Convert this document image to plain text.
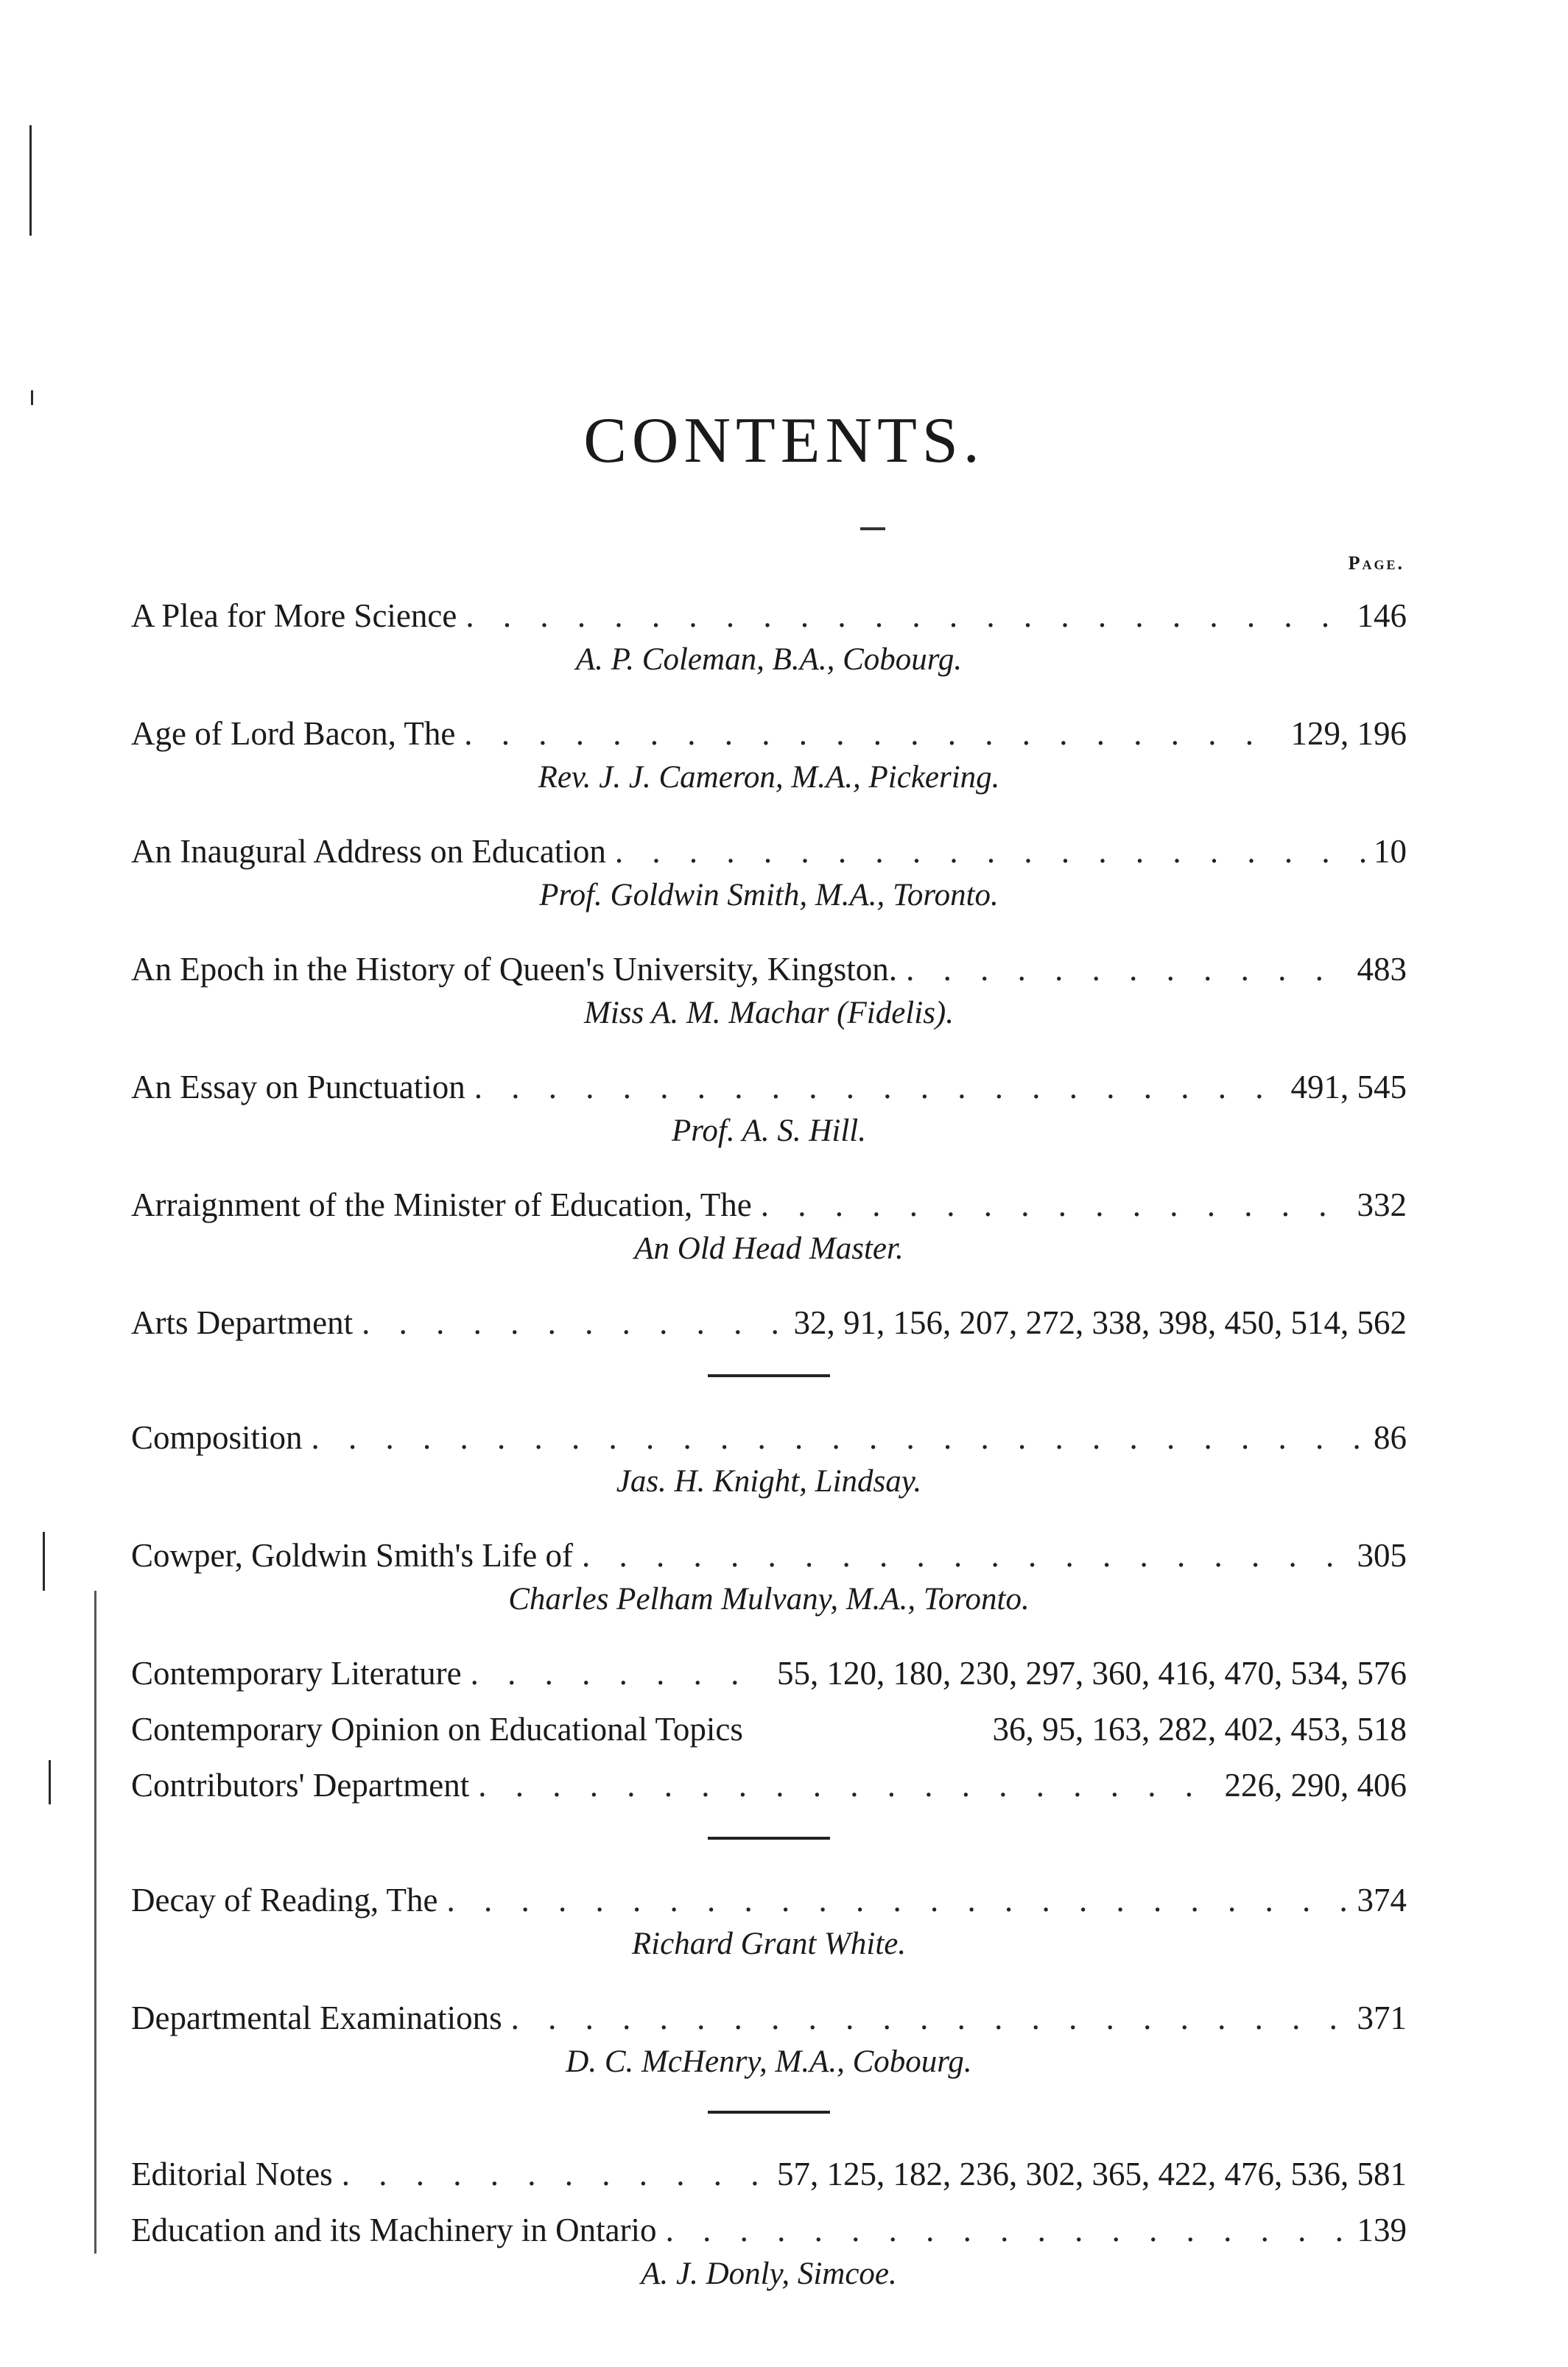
CONTENTS.
Page.
A Plea for More Science . . .	146
A. P. Coleman, B.A., Cobourg.
Age of Lord Bacon, The . . .	129, 196
Rev. J. J. Cameron, M.A., Pickering.
An Inaugural Address on Education . . .	10
Prof. Goldwin Smith, M.A., Toronto.
An Epoch in the History of Queen's University, Kingston. . . .	483
Miss A. M. Machar (Fidelis).
An Essay on Punctuation . . .	491, 545
Prof. A. S. Hill.
Arraignment of the Minister of Education, The . . .	332
An Old Head Master.
Arts Department . . .	32, 91, 156, 207, 272, 338, 398, 450, 514, 562
Composition . . .	86
Jas. H. Knight, Lindsay.
Cowper, Goldwin Smith's Life of . . .	305
Charles Pelham Mulvany, M.A., Toronto.
Contemporary Literature . . .	55, 120, 180, 230, 297, 360, 416, 470, 534, 576
Contemporary Opinion on Educational Topics	36, 95, 163, 282, 402, 453, 518
Contributors' Department . . .	226, 290, 406
Decay of Reading, The . . .	374
Richard Grant White.
Departmental Examinations . . .	371
D. C. McHenry, M.A., Cobourg.
Editorial Notes . . .	57, 125, 182, 236, 302, 365, 422, 476, 536, 581
Education and its Machinery in Ontario . . .	139
A. J. Donly, Simcoe.
